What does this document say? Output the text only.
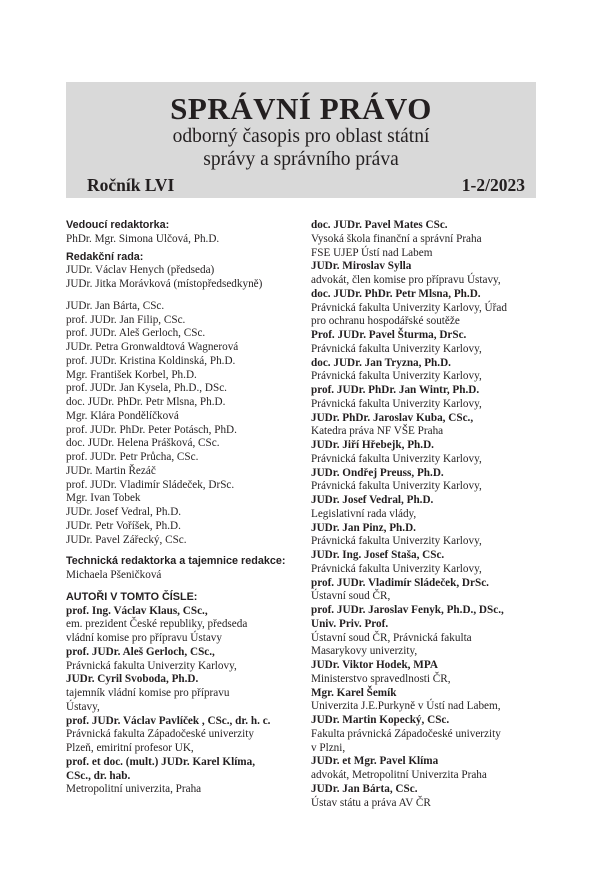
SPRÁVNÍ PRÁVO
odborný časopis pro oblast státní
správy a správního práva
Ročník LVI	1-2/2023
Vedoucí redaktorka:
PhDr. Mgr. Simona Ulčová, Ph.D.
Redakční rada:
JUDr. Václav Henych (předseda)
JUDr. Jitka Morávková (místopředsedkyně)
JUDr. Jan Bárta, CSc.
prof. JUDr. Jan Filip, CSc.
prof. JUDr. Aleš Gerloch, CSc.
JUDr. Petra Gronwaldtová Wagnerová
prof. JUDr. Kristina Koldinská, Ph.D.
Mgr. František Korbel, Ph.D.
prof. JUDr. Jan Kysela, Ph.D., DSc.
doc. JUDr. PhDr. Petr Mlsna, Ph.D.
Mgr. Klára Pondělíčková
prof. JUDr. PhDr. Peter Potásch, PhD.
doc. JUDr. Helena Prášková, CSc.
prof. JUDr. Petr Průcha, CSc.
JUDr. Martin Řezáč
prof. JUDr. Vladimír Sládeček, DrSc.
Mgr. Ivan Tobek
JUDr. Josef Vedral, Ph.D.
JUDr. Petr Voříšek, Ph.D.
JUDr. Pavel Zářecký, CSc.
Technická redaktorka a tajemnice redakce:
Michaela Pšeničková
AUTOŘI V TOMTO ČÍSLE:
prof. Ing. Václav Klaus, CSc.,
em. prezident České republiky, předseda
vládní komise pro přípravu Ústavy
prof. JUDr. Aleš Gerloch, CSc.,
Právnická fakulta Univerzity Karlovy,
JUDr. Cyril Svoboda, Ph.D.
tajemník vládní komise pro přípravu
Ústavy,
prof. JUDr. Václav Pavlíček , CSc., dr. h. c.
Právnická fakulta Západočeské univerzity
Plzeň, emiritní profesor UK,
prof. et doc. (mult.) JUDr. Karel Klíma,
CSc., dr. hab.
Metropolitní univerzita, Praha
doc. JUDr. Pavel Mates CSc.
Vysoká škola finanční a správní Praha
FSE UJEP Ústí nad Labem
JUDr. Miroslav Sylla
advokát, člen komise pro přípravu Ústavy,
doc. JUDr. PhDr. Petr Mlsna, Ph.D.
Právnická fakulta Univerzity Karlovy, Úřad
pro ochranu hospodářské soutěže
Prof. JUDr. Pavel Šturma, DrSc.
Právnická fakulta Univerzity Karlovy,
doc. JUDr. Jan Tryzna, Ph.D.
Právnická fakulta Univerzity Karlovy,
prof. JUDr. PhDr. Jan Wintr, Ph.D.
Právnická fakulta Univerzity Karlovy,
JUDr. PhDr. Jaroslav Kuba, CSc.,
Katedra práva NF VŠE Praha
JUDr. Jiří Hřebejk, Ph.D.
Právnická fakulta Univerzity Karlovy,
JUDr. Ondřej Preuss, Ph.D.
Právnická fakulta Univerzity Karlovy,
JUDr. Josef Vedral, Ph.D.
Legislativní rada vlády,
JUDr. Jan Pinz, Ph.D.
Právnická fakulta Univerzity Karlovy,
JUDr. Ing. Josef Staša, CSc.
Právnická fakulta Univerzity Karlovy,
prof. JUDr. Vladimír Sládeček, DrSc.
Ústavní soud ČR,
prof. JUDr. Jaroslav Fenyk, Ph.D., DSc.,
Univ. Priv. Prof.
Ústavní soud ČR, Právnická fakulta
Masarykovy univerzity,
JUDr. Viktor Hodek, MPA
Ministerstvo spravedlnosti ČR,
Mgr. Karel Šemík
Univerzita J.E.Purkyně v Ústí nad Labem,
JUDr. Martin Kopecký, CSc.
Fakulta právnická Západočeské univerzity
v Plzni,
JUDr. et Mgr. Pavel Klíma
advokát, Metropolitní Univerzita Praha
JUDr. Jan Bárta, CSc.
Ústav státu a práva AV ČR
